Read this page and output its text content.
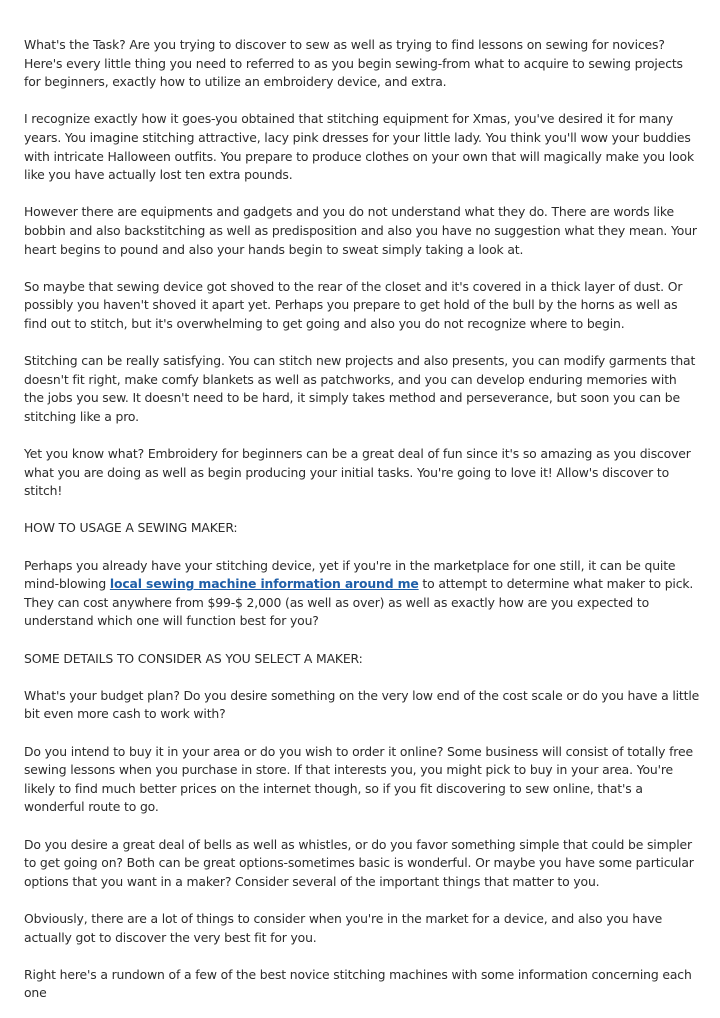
What's the Task? Are you trying to discover to sew as well as trying to find lessons on sewing for novices? Here's every little thing you need to referred to as you begin sewing-from what to acquire to sewing projects for beginners, exactly how to utilize an embroidery device, and extra.

I recognize exactly how it goes-you obtained that stitching equipment for Xmas, you've desired it for many years. You imagine stitching attractive, lacy pink dresses for your little lady. You think you'll wow your buddies with intricate Halloween outfits. You prepare to produce clothes on your own that will magically make you look like you have actually lost ten extra pounds.

However there are equipments and gadgets and you do not understand what they do. There are words like bobbin and also backstitching as well as predisposition and also you have no suggestion what they mean. Your heart begins to pound and also your hands begin to sweat simply taking a look at.

So maybe that sewing device got shoved to the rear of the closet and it's covered in a thick layer of dust. Or possibly you haven't shoved it apart yet. Perhaps you prepare to get hold of the bull by the horns as well as find out to stitch, but it's overwhelming to get going and also you do not recognize where to begin.

Stitching can be really satisfying. You can stitch new projects and also presents, you can modify garments that doesn't fit right, make comfy blankets as well as patchworks, and you can develop enduring memories with the jobs you sew. It doesn't need to be hard, it simply takes method and perseverance, but soon you can be stitching like a pro.

Yet you know what? Embroidery for beginners can be a great deal of fun since it's so amazing as you discover what you are doing as well as begin producing your initial tasks. You're going to love it! Allow's discover to stitch!

HOW TO USAGE A SEWING MAKER:

Perhaps you already have your stitching device, yet if you're in the marketplace for one still, it can be quite mind-blowing local sewing machine information around me to attempt to determine what maker to pick. They can cost anywhere from $99-$ 2,000 (as well as over) as well as exactly how are you expected to understand which one will function best for you?

SOME DETAILS TO CONSIDER AS YOU SELECT A MAKER:

What's your budget plan? Do you desire something on the very low end of the cost scale or do you have a little bit even more cash to work with?

Do you intend to buy it in your area or do you wish to order it online? Some business will consist of totally free sewing lessons when you purchase in store. If that interests you, you might pick to buy in your area. You're likely to find much better prices on the internet though, so if you fit discovering to sew online, that's a wonderful route to go.

Do you desire a great deal of bells as well as whistles, or do you favor something simple that could be simpler to get going on? Both can be great options-sometimes basic is wonderful. Or maybe you have some particular options that you want in a maker? Consider several of the important things that matter to you.

Obviously, there are a lot of things to consider when you're in the market for a device, and also you have actually got to discover the very best fit for you.

Right here's a rundown of a few of the best novice stitching machines with some information concerning each one
